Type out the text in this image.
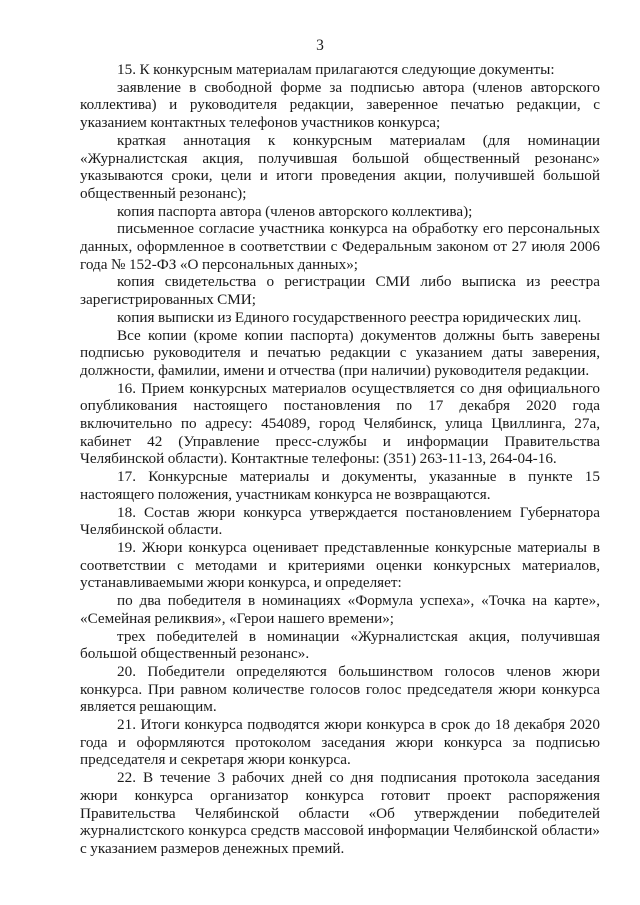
3

15. К конкурсным материалам прилагаются следующие документы:

заявление в свободной форме за подписью автора (членов авторского коллектива) и руководителя редакции, заверенное печатью редакции, с указанием контактных телефонов участников конкурса;

краткая аннотация к конкурсным материалам (для номинации «Журналистская акция, получившая большой общественный резонанс» указываются сроки, цели и итоги проведения акции, получившей большой общественный резонанс);

копия паспорта автора (членов авторского коллектива);

письменное согласие участника конкурса на обработку его персональных данных, оформленное в соответствии с Федеральным законом от 27 июля 2006 года № 152-ФЗ «О персональных данных»;

копия свидетельства о регистрации СМИ либо выписка из реестра зарегистрированных СМИ;

копия выписки из Единого государственного реестра юридических лиц.

Все копии (кроме копии паспорта) документов должны быть заверены подписью руководителя и печатью редакции с указанием даты заверения, должности, фамилии, имени и отчества (при наличии) руководителя редакции.

16. Прием конкурсных материалов осуществляется со дня официального опубликования настоящего постановления по 17 декабря 2020 года включительно по адресу: 454089, город Челябинск, улица Цвиллинга, 27а, кабинет 42 (Управление пресс-службы и информации Правительства Челябинской области). Контактные телефоны: (351) 263-11-13, 264-04-16.

17. Конкурсные материалы и документы, указанные в пункте 15 настоящего положения, участникам конкурса не возвращаются.

18. Состав жюри конкурса утверждается постановлением Губернатора Челябинской области.

19. Жюри конкурса оценивает представленные конкурсные материалы в соответствии с методами и критериями оценки конкурсных материалов, устанавливаемыми жюри конкурса, и определяет:

по два победителя в номинациях «Формула успеха», «Точка на карте», «Семейная реликвия», «Герои нашего времени»;

трех победителей в номинации «Журналистская акция, получившая большой общественный резонанс».

20. Победители определяются большинством голосов членов жюри конкурса. При равном количестве голосов голос председателя жюри конкурса является решающим.

21. Итоги конкурса подводятся жюри конкурса в срок до 18 декабря 2020 года и оформляются протоколом заседания жюри конкурса за подписью председателя и секретаря жюри конкурса.

22. В течение 3 рабочих дней со дня подписания протокола заседания жюри конкурса организатор конкурса готовит проект распоряжения Правительства Челябинской области «Об утверждении победителей журналистского конкурса средств массовой информации Челябинской области» с указанием размеров денежных премий.
